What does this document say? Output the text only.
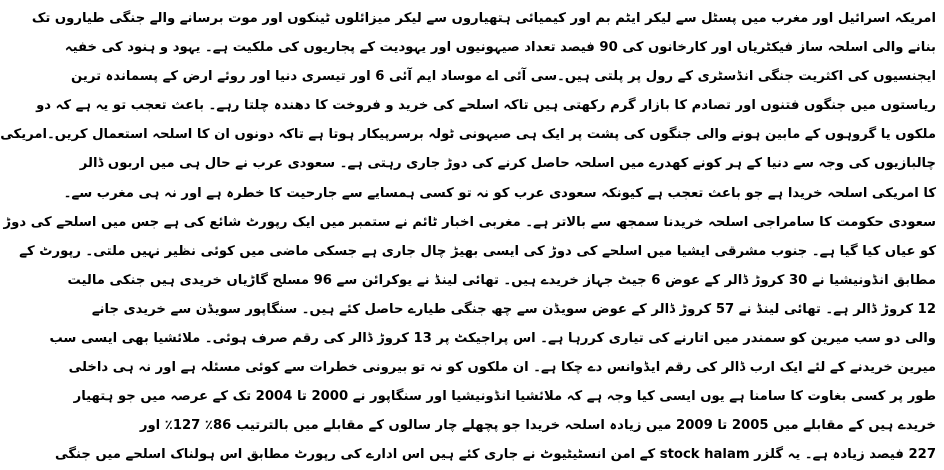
امریکہ اسرائیل اور مغرب میں پسٹل سے لیکر ایٹم بم اور کیمیائی ہتھیاروں سے لیکر میزائلوں ٹینکوں اور موت برسانے والے جنگی طیاروں تک
بنانے والی اسلحہ ساز فیکٹریاں اور کارخانوں کی 90 فیصد تعداد صیہونیوں اور یہودیت کے پجاریوں کی ملکیت ہے۔ یہود و ہنود کی خفیہ
ایجنسیوں کی اکثریت جنگی انڈسٹری کے رول پر پلتی ہیں۔سی آئی اے موساد ایم آئی 6 اور تیسری دنیا اور روئے ارض کے پسماندہ ترین
ریاستوں میں جنگوں فتنوں اور تصادم کا بازار گرم رکھتی ہیں تاکہ اسلحے کی خرید و فروخت کا دھندہ چلتا رہے۔ باعث تعجب تو یہ ہے کہ دو
ملکوں یا گروہوں کے مابین ہونے والی جنگوں کی پشت پر ایک ہی صیہونی ٹولہ برسرپیکار ہوتا ہے تاکہ دونوں ان کا اسلحہ استعمال کریں۔امریکی
چالبازیوں کی وجہ سے دنیا کے ہر کونے کھدرے میں اسلحہ حاصل کرنے کی دوڑ جاری رہتی ہے۔ سعودی عرب نے حال ہی میں اربوں ڈالر
کا امریکی اسلحہ خریدا ہے جو باعث تعجب ہے کیونکہ سعودی عرب کو نہ تو کسی ہمسایے سے جارحیت کا خطرہ ہے اور نہ ہی مغرب سے۔
سعودی حکومت کا سامراجی اسلحہ خریدنا سمجھ سے بالاتر ہے۔ مغربی اخبار ٹائم نے ستمبر میں ایک رپورٹ شائع کی ہے جس میں اسلحے کی دوڑ
کو عیاں کیا گیا ہے۔ جنوب مشرقی ایشیا میں اسلحے کی دوڑ کی ایسی بھیڑ چال جاری ہے جسکی ماضی میں کوئی نظیر نہیں ملتی۔ رپورٹ کے
مطابق انڈونیشیا نے 30 کروڑ ڈالر کے عوض 6 جیٹ جہاز خریدے ہیں۔ تھائی لینڈ نے یوکرائن سے 96 مسلح گاڑیاں خریدی ہیں جنکی مالیت
12 کروڑ ڈالر ہے۔ تھائی لینڈ نے 57 کروڑ ڈالر کے عوض سویڈن سے چھ جنگی طیارے حاصل کئے ہیں۔ سنگاپور سویڈن سے خریدی جانے
والی دو سب میرین کو سمندر میں اتارنے کی تیاری کررہا ہے۔ اس پراجیکٹ پر 13 کروڑ ڈالر کی رقم صرف ہوئی۔ ملائشیا بھی ایسی سب
میرین خریدنے کے لئے ایک ارب ڈالر کی رقم ایڈوانس دے چکا ہے۔ ان ملکوں کو نہ تو بیرونی خطرات سے کوئی مسئلہ ہے اور نہ ہی داخلی
طور پر کسی بغاوت کا سامنا ہے یوں ایسی کیا وجہ ہے کہ ملائشیا انڈونیشیا اور سنگاپور نے 2000 تا 2004 تک کے عرصہ میں جو ہتھیار
خریدے ہیں کے مقابلے میں 2005 تا 2009 میں زیادہ اسلحہ خریدا جو پچھلے چار سالوں کے مقابلے میں بالترتیب 86٪ 127٪ اور
227 فیصد زیادہ ہے۔ یہ گلزر stock halam کے امن انسٹیٹیوٹ نے جاری کئے ہیں اس ادارے کی رپورٹ مطابق اس ہولناک اسلحے میں جنگی
